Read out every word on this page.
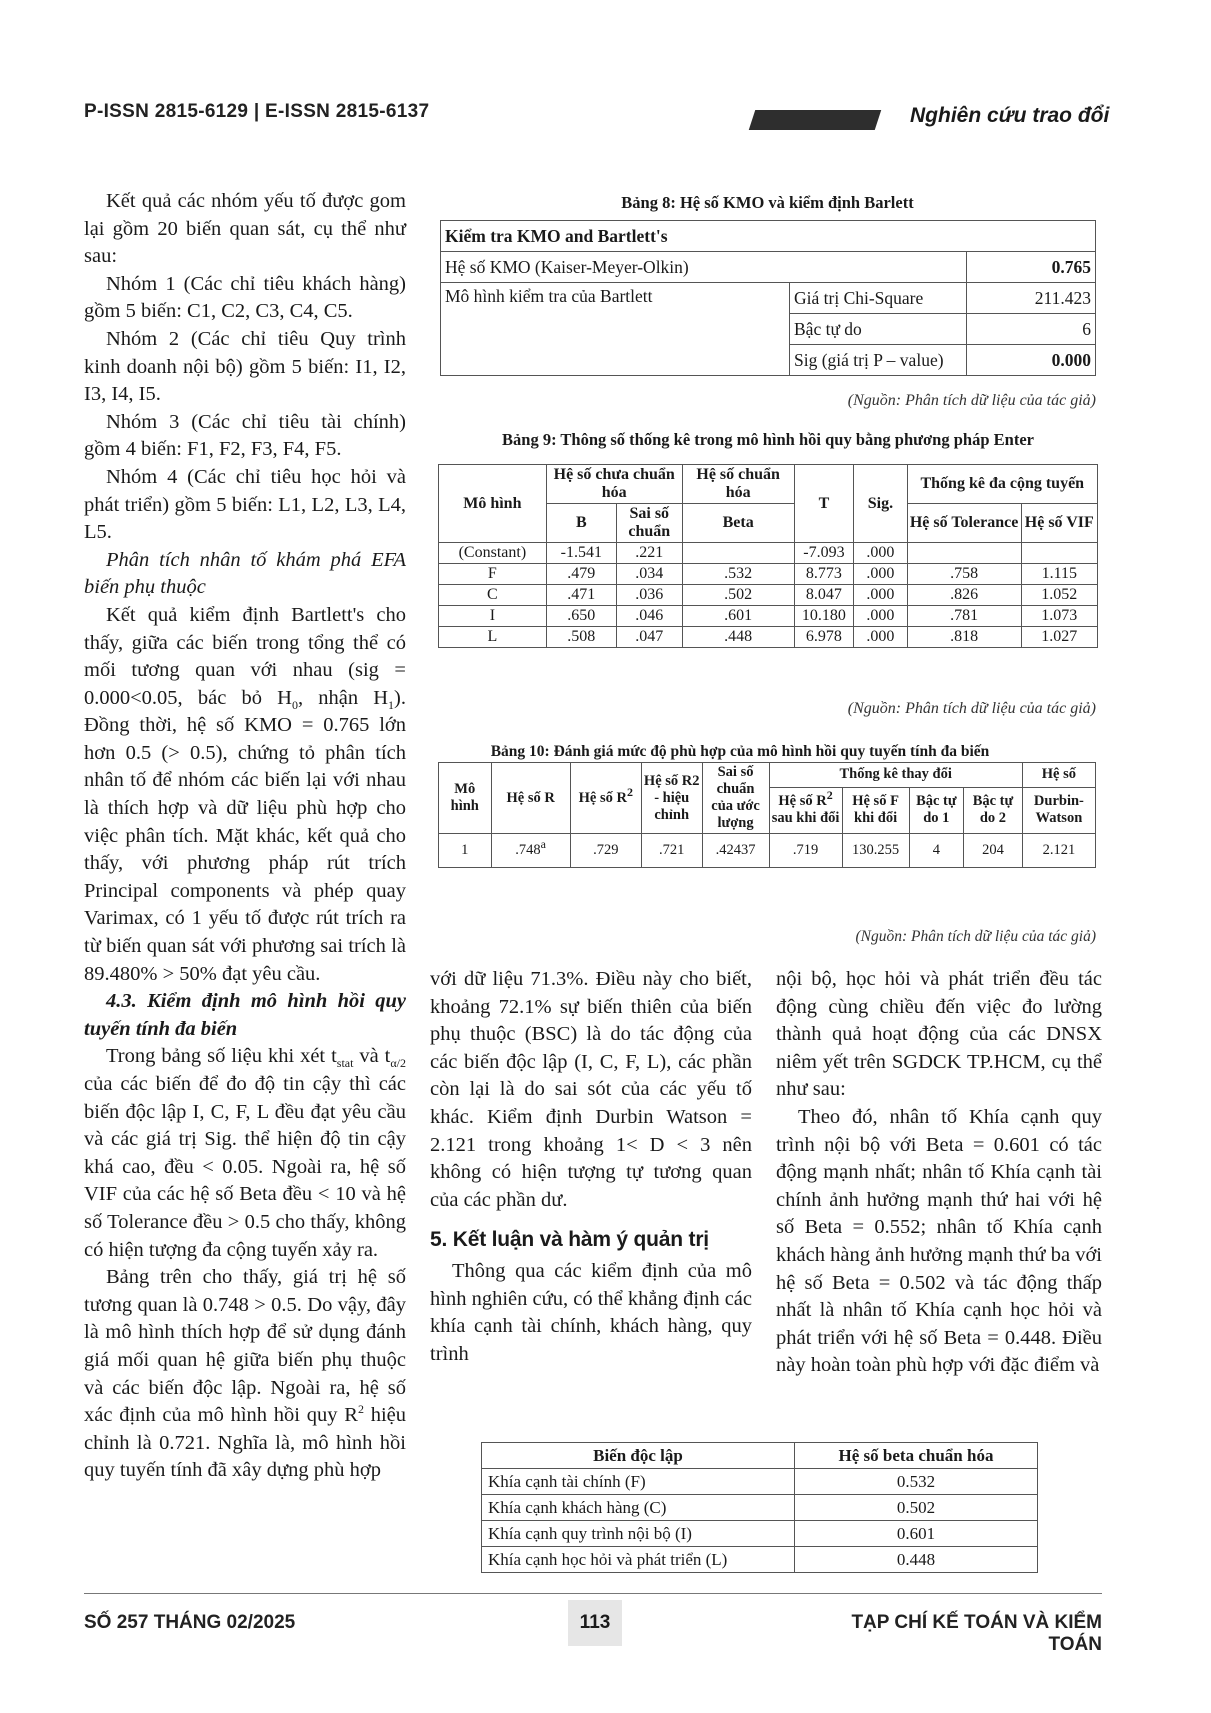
P-ISSN 2815-6129 | E-ISSN 2815-6137	Nghiên cứu trao đổi

Kết quả các nhóm yếu tố được gom lại gồm 20 biến quan sát, cụ thể như sau:

Nhóm 1 (Các chỉ tiêu khách hàng) gồm 5 biến: C1, C2, C3, C4, C5.

Nhóm 2 (Các chỉ tiêu Quy trình kinh doanh nội bộ) gồm 5 biến: I1, I2, I3, I4, I5.

Nhóm 3 (Các chỉ tiêu tài chính) gồm 4 biến: F1, F2, F3, F4, F5.

Nhóm 4 (Các chỉ tiêu học hỏi và phát triển) gồm 5 biến: L1, L2, L3, L4, L5.

Phân tích nhân tố khám phá EFA biến phụ thuộc

Kết quả kiểm định Bartlett's cho thấy, giữa các biến trong tổng thể có mối tương quan với nhau (sig = 0.000<0.05, bác bỏ $H_0$, nhận $H_1$). Đồng thời, hệ số KMO = 0.765 lớn hơn 0.5 (> 0.5), chứng tỏ phân tích nhân tố để nhóm các biến lại với nhau là thích hợp và dữ liệu phù hợp cho việc phân tích. Mặt khác, kết quả cho thấy, với phương pháp rút trích Principal components và phép quay Varimax, có 1 yếu tố được rút trích ra từ biến quan sát với phương sai trích là 89.480% > 50% đạt yêu cầu.

4.3. Kiểm định mô hình hồi quy tuyến tính đa biến

Trong bảng số liệu khi xét $t_{stat}$ và $t_{\alpha/2}$ của các biến để đo độ tin cậy thì các biến độc lập I, C, F, L đều đạt yêu cầu và các giá trị Sig. thể hiện độ tin cậy khá cao, đều < 0.05. Ngoài ra, hệ số VIF của các hệ số Beta đều < 10 và hệ số Tolerance đều > 0.5 cho thấy, không có hiện tượng đa cộng tuyến xảy ra.

Bảng trên cho thấy, giá trị hệ số tương quan là 0.748 > 0.5. Do vậy, đây là mô hình thích hợp để sử dụng đánh giá mối quan hệ giữa biến phụ thuộc và các biến độc lập. Ngoài ra, hệ số xác định của mô hình hồi quy $R^2$ hiệu chỉnh là 0.721. Nghĩa là, mô hình hồi quy tuyến tính đã xây dựng phù hợp

Bảng 8: Hệ số KMO và kiểm định Barlett
Kiểm tra KMO and Bartlett's		
Hệ số KMO (Kaiser-Meyer-Olkin)		0.765
Mô hình kiểm tra của Bartlett	Giá trị Chi-Square	211.423
	Bậc tự do	6
	Sig (giá trị P – value)	0.000
(Nguồn: Phân tích dữ liệu của tác giả)
Bảng 9: Thông số thống kê trong mô hình hồi quy bằng phương pháp Enter
Mô hình	Hệ số chưa chuẩn hóa		Hệ số chuẩn hóa	T	Sig.	Thống kê đa cộng tuyến	
	B	Sai số chuẩn	Beta			Hệ số Tolerance	Hệ số VIF
(Constant)	-1.541	.221		-7.093	.000		
F	.479	.034	.532	8.773	.000	.758	1.115
C	.471	.036	.502	8.047	.000	.826	1.052
I	.650	.046	.601	10.180	.000	.781	1.073
L	.508	.047	.448	6.978	.000	.818	1.027
(Nguồn: Phân tích dữ liệu của tác giả)
Bảng 10: Đánh giá mức độ phù hợp của mô hình hồi quy tuyến tính đa biến
Mô hình	Hệ số R	Hệ số $R^2$	Hệ số R2 - hiệu chỉnh	Sai số chuẩn của ước lượng	Thống kê thay đổi				Hệ số
					Hệ số $R^2$ sau khi đổi	Hệ số F khi đổi	Bậc tự do 1	Bậc tự do 2	Durbin-Watson
1	.748$^a$	.729	.721	.42437	.719	130.255	4	204	2.121
(Nguồn: Phân tích dữ liệu của tác giả)

với dữ liệu 71.3%. Điều này cho biết, khoảng 72.1% sự biến thiên của biến phụ thuộc (BSC) là do tác động của các biến độc lập (I, C, F, L), các phần còn lại là do sai sót của các yếu tố khác. Kiểm định Durbin Watson = 2.121 trong khoảng 1< D < 3 nên không có hiện tượng tự tương quan của các phần dư.

5. Kết luận và hàm ý quản trị

Thông qua các kiểm định của mô hình nghiên cứu, có thể khẳng định các khía cạnh tài chính, khách hàng, quy trình

nội bộ, học hỏi và phát triển đều tác động cùng chiều đến việc đo lường thành quả hoạt động của các DNSX niêm yết trên SGDCK TP.HCM, cụ thể như sau:

Theo đó, nhân tố Khía cạnh quy trình nội bộ với Beta = 0.601 có tác động mạnh nhất; nhân tố Khía cạnh tài chính ảnh hưởng mạnh thứ hai với hệ số Beta = 0.552; nhân tố Khía cạnh khách hàng ảnh hưởng mạnh thứ ba với hệ số Beta = 0.502 và tác động thấp nhất là nhân tố Khía cạnh học hỏi và phát triển với hệ số Beta = 0.448. Điều này hoàn toàn phù hợp với đặc điểm và

Biến độc lập	Hệ số beta chuẩn hóa
Khía cạnh tài chính (F)	0.532
Khía cạnh khách hàng (C)	0.502
Khía cạnh quy trình nội bộ (I)	0.601
Khía cạnh học hỏi và phát triển (L)	0.448
SỐ 257 THÁNG 02/2025	113	TẠP CHÍ KẾ TOÁN VÀ KIỂM TOÁN
